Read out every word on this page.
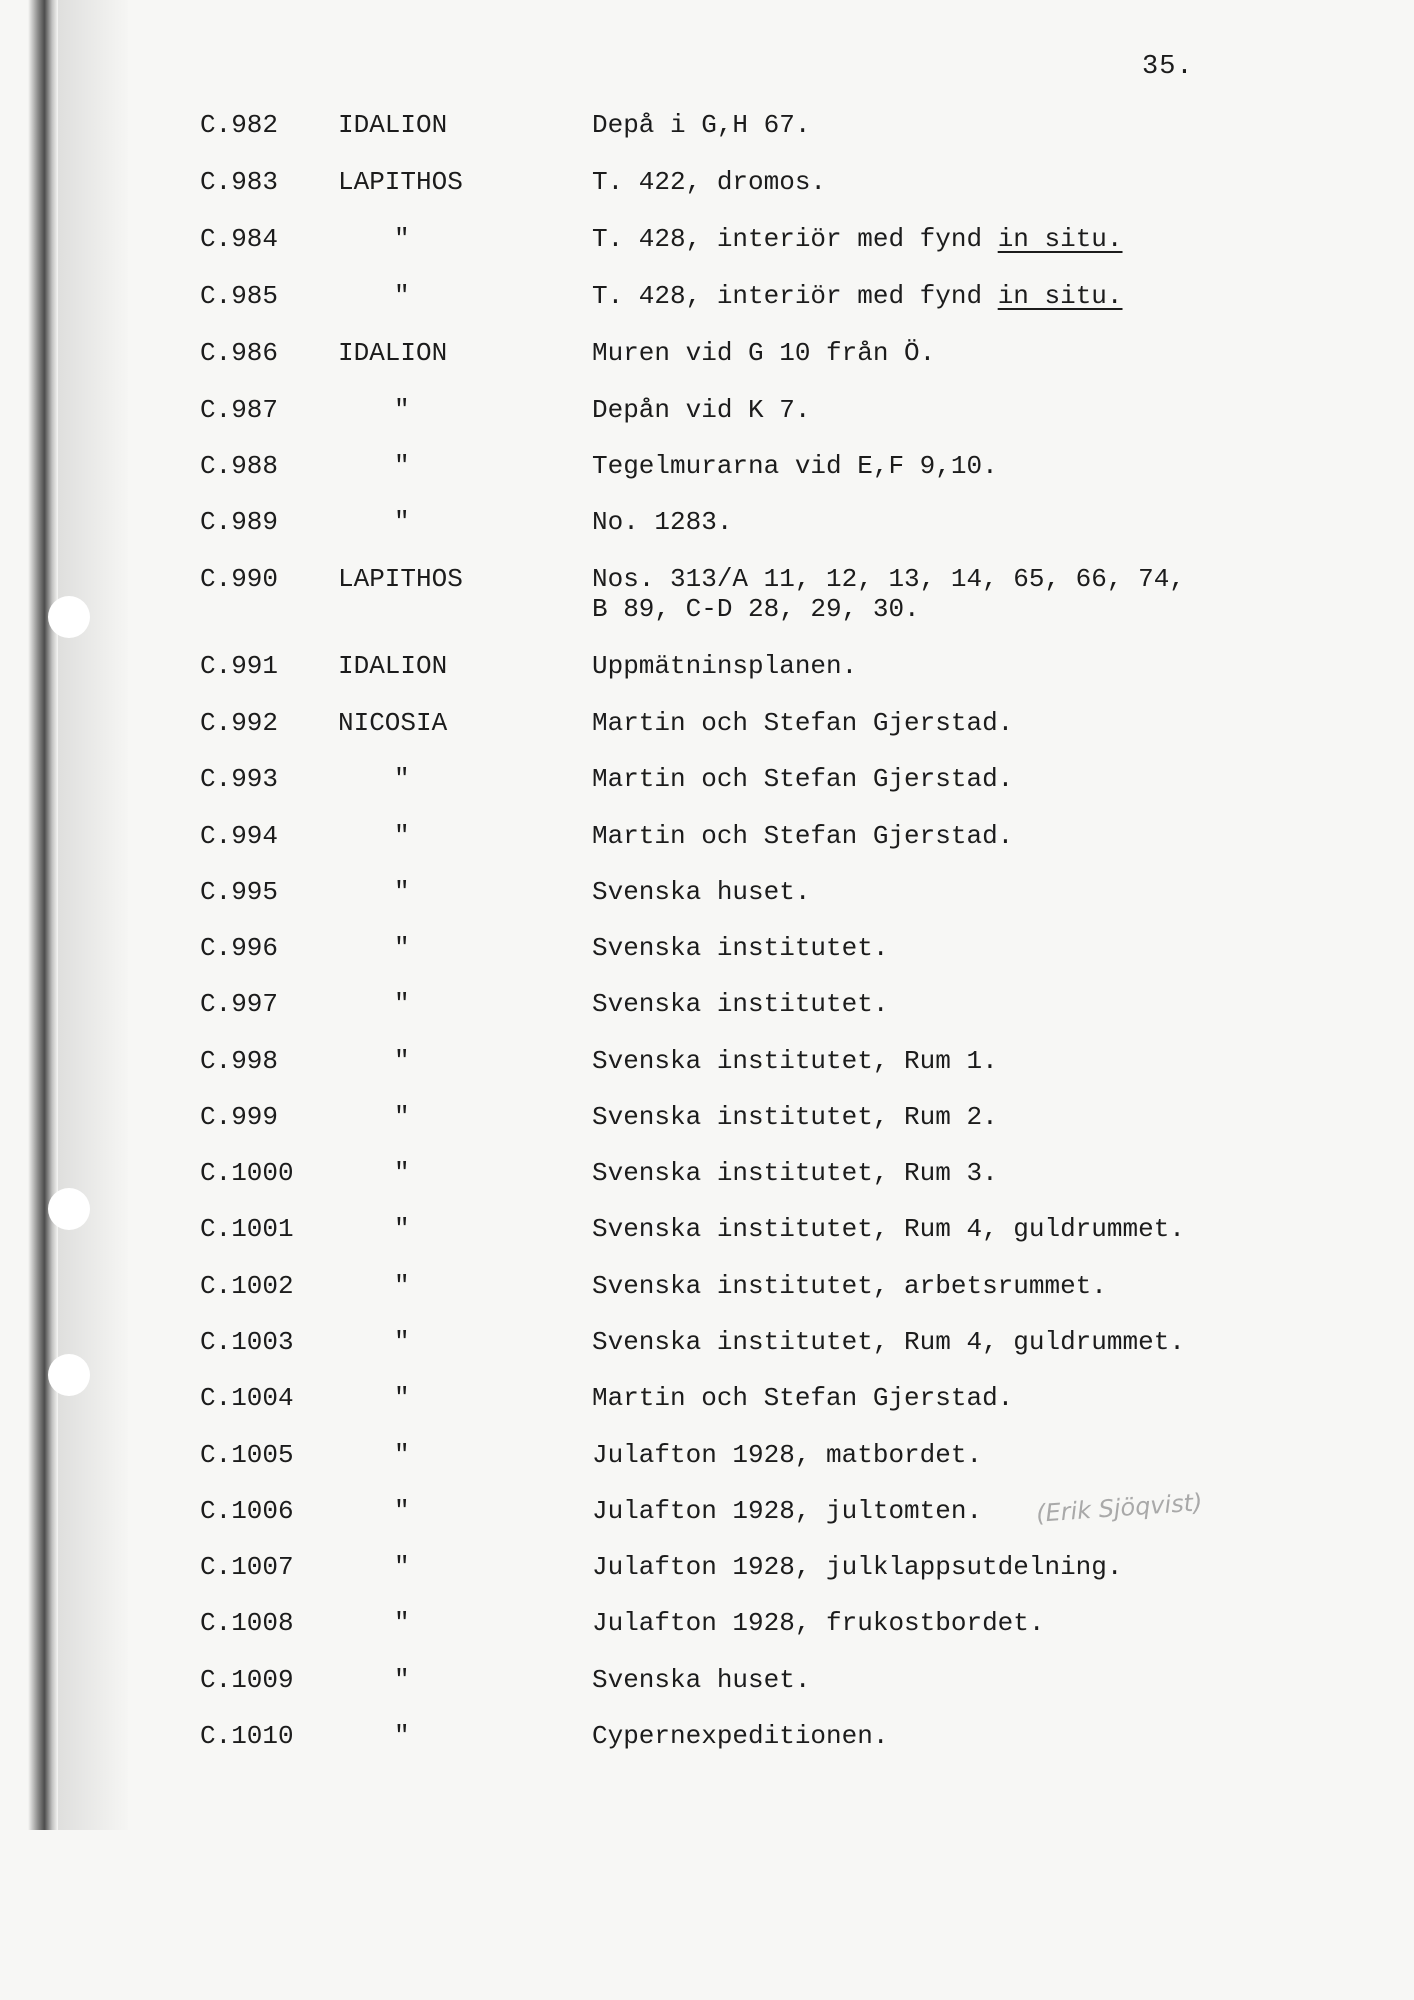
35.
C.982 IDALION	Depå i G,H 67.
C.983 LAPITHOS	T. 422, dromos.
C.984	"	T. 428, interiör med fynd in situ.
C.985	"	T. 428, interiör med fynd in situ.
C.986 IDALION	Muren vid G 10 från Ö.
C.987	"	Depån vid K 7.
C.988	"	Tegelmurarna vid E,F 9,10.
C.989	"	No. 1283.
C.990 LAPITHOS	Nos. 313/A 11, 12, 13, 14, 65, 66, 74,
B 89, C-D 28, 29, 30.
C.991 IDALION	Uppmätninsplanen.
C.992 NICOSIA	Martin och Stefan Gjerstad.
C.993	"	Martin och Stefan Gjerstad.
C.994	"	Martin och Stefan Gjerstad.
C.995	"	Svenska huset.
C.996	"	Svenska institutet.
C.997	"	Svenska institutet.
C.998	"	Svenska institutet, Rum 1.
C.999	"	Svenska institutet, Rum 2.
C.1000	"	Svenska institutet, Rum 3.
C.1001	"	Svenska institutet, Rum 4, guldrummet.
C.1002	"	Svenska institutet, arbetsrummet.
C.1003	"	Svenska institutet, Rum 4, guldrummet.
C.1004	"	Martin och Stefan Gjerstad.
C.1005	"	Julafton 1928, matbordet.
C.1006	"	Julafton 1928, jultomten.
C.1007	"	Julafton 1928, julklappsutdelning.
C.1008	"	Julafton 1928, frukostbordet.
C.1009	"	Svenska huset.
C.1010	"	Cypernexpeditionen.
(Erik Sjöqvist)
